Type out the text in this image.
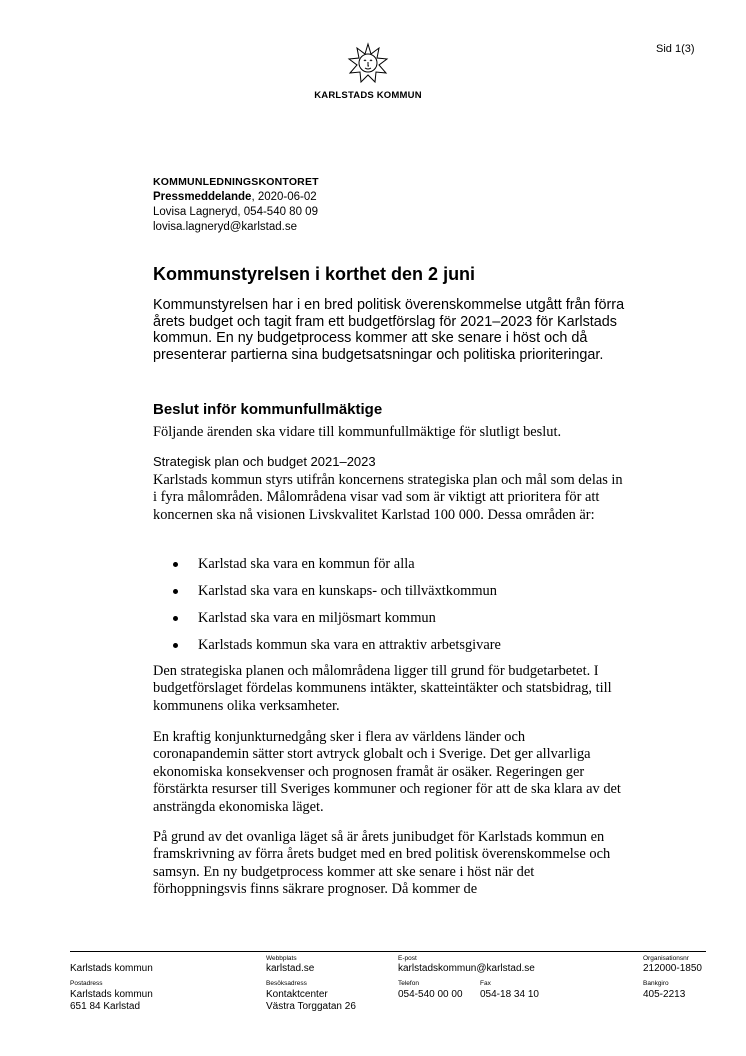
Sid 1(3)
KARLSTADS KOMMUN
KOMMUNLEDNINGSKONTORET
Pressmeddelande, 2020-06-02
Lovisa Lagneryd, 054-540 80 09
lovisa.lagneryd@karlstad.se
Kommunstyrelsen i korthet den 2 juni
Kommunstyrelsen har i en bred politisk överenskommelse utgått från förra årets budget och tagit fram ett budgetförslag för 2021–2023 för Karlstads kommun. En ny budgetprocess kommer att ske senare i höst och då presenterar partierna sina budgetsatsningar och politiska prioriteringar.
Beslut inför kommunfullmäktige
Följande ärenden ska vidare till kommunfullmäktige för slutligt beslut.
Strategisk plan och budget 2021–2023
Karlstads kommun styrs utifrån koncernens strategiska plan och mål som delas in i fyra målområden. Målområdena visar vad som är viktigt att prioritera för att koncernen ska nå visionen Livskvalitet Karlstad 100 000. Dessa områden är:
Karlstad ska vara en kommun för alla
Karlstad ska vara en kunskaps- och tillväxtkommun
Karlstad ska vara en miljösmart kommun
Karlstads kommun ska vara en attraktiv arbetsgivare
Den strategiska planen och målområdena ligger till grund för budgetarbetet. I budgetförslaget fördelas kommunens intäkter, skatteintäkter och statsbidrag, till kommunens olika verksamheter.
En kraftig konjunkturnedgång sker i flera av världens länder och coronapandemin sätter stort avtryck globalt och i Sverige. Det ger allvarliga ekonomiska konsekvenser och prognosen framåt är osäker. Regeringen ger förstärkta resurser till Sveriges kommuner och regioner för att de ska klara av det ansträngda ekonomiska läget.
På grund av det ovanliga läget så är årets junibudget för Karlstads kommun en framskrivning av förra årets budget med en bred politisk överenskommelse och samsyn. En ny budgetprocess kommer att ske senare i höst när det förhoppningsvis finns säkrare prognoser. Då kommer de
Karlstads kommun
Webbplats
karlstad.se
E-post
karlstadskommun@karlstad.se
Organisationsnr
212000-1850
Postadress
Karlstads kommun
651 84 Karlstad
Besöksadress
Kontaktcenter
Västra Torggatan 26
Telefon
054-540 00 00
Fax
054-18 34 10
Bankgiro
405-2213
